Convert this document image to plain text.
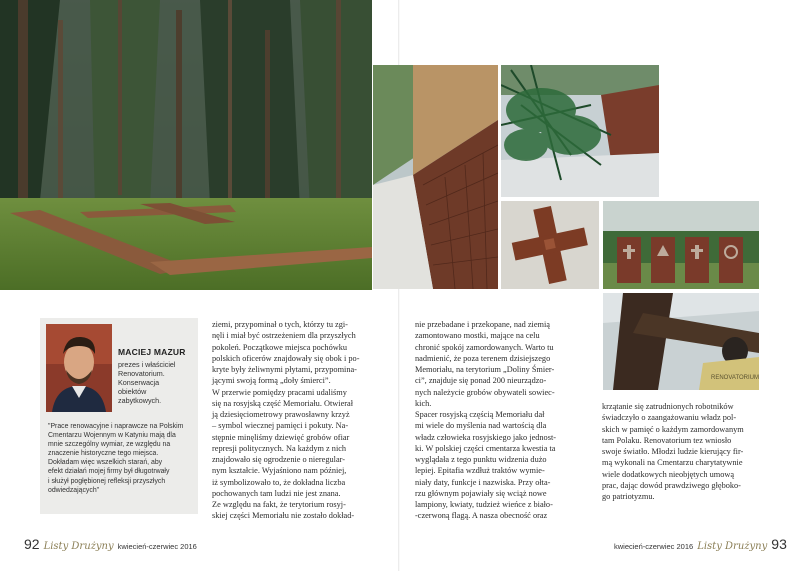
MACIEJ MAZUR
prezes i właściciel
Renovatorium.
Konserwacja
obiektów
zabytkowych.
"Prace renowacyjne i naprawcze na Polskim
Cmentarzu Wojennym w Katyniu mają dla
mnie szczególny wymiar, ze względu na
znaczenie historyczne tego miejsca.
Dokładam więc wszelkich starań, aby
efekt działań mojej firmy był długotrwały
i służył pogłębionej refleksji przyszłych
odwiedzających"

ziemi, przypominał o tych, którzy tu zgi-

nęli i miał być ostrzeżeniem dla przyszłych

pokoleń. Początkowe miejsca pochówku

polskich oficerów znajdowały się obok i po-

kryte były żeliwnymi płytami, przypomina-

jącymi swoją formą „doły śmierci”.

W przerwie pomiędzy pracami udaliśmy

się na rosyjską część Memoriału. Otwierał

ją dziesięciometrowy prawosławny krzyż

– symbol wiecznej pamięci i pokuty. Na-

stępnie minęliśmy dziewięć grobów ofiar

represji politycznych. Na każdym z nich

znajdowało się ogrodzenie o nieregular-

nym kształcie. Wyjaśniono nam później,

iż symbolizowało to, że dokładna liczba

pochowanych tam ludzi nie jest znana.

Ze względu na fakt, że terytorium rosyj-

skiej części Memoriału nie zostało dokład-

92 Listy Drużyny kwiecień-czerwiec 2016
RENOVATORIUM

nie przebadane i przekopane, nad ziemią

zamontowano mostki, mające na celu

chronić spokój zamordowanych. Warto tu

nadmienić, że poza terenem dzisiejszego

Memoriału, na terytorium „Doliny Śmier-

ci”, znajduje się ponad 200 nieurządzo-

nych należycie grobów obywateli sowiec-

kich.

Spacer rosyjską częścią Memoriału dał

mi wiele do myślenia nad wartością dla

władz człowieka rosyjskiego jako jednost-

ki. W polskiej części cmentarza kwestia ta

wyglądała z tego punktu widzenia dużo

lepiej. Epitafia wzdłuż traktów wymie-

niały daty, funkcje i nazwiska. Przy ołta-

rzu głównym pojawiały się wciąż nowe

lampiony, kwiaty, tudzież wieńce z biało-

-czerwoną flagą. A nasza obecność oraz

krzątanie się zatrudnionych robotników

świadczyło o zaangażowaniu władz pol-

skich w pamięć o każdym zamordowanym

tam Polaku. Renovatorium tez wniosło

swoje światło. Młodzi ludzie kierujący fir-

mą wykonali na Cmentarzu charytatywnie

wiele dodatkowych nieobjętych umową

prac, dając dowód prawdziwego głęboko-

go patriotyzmu.

kwiecień-czerwiec 2016 Listy Drużyny 93
